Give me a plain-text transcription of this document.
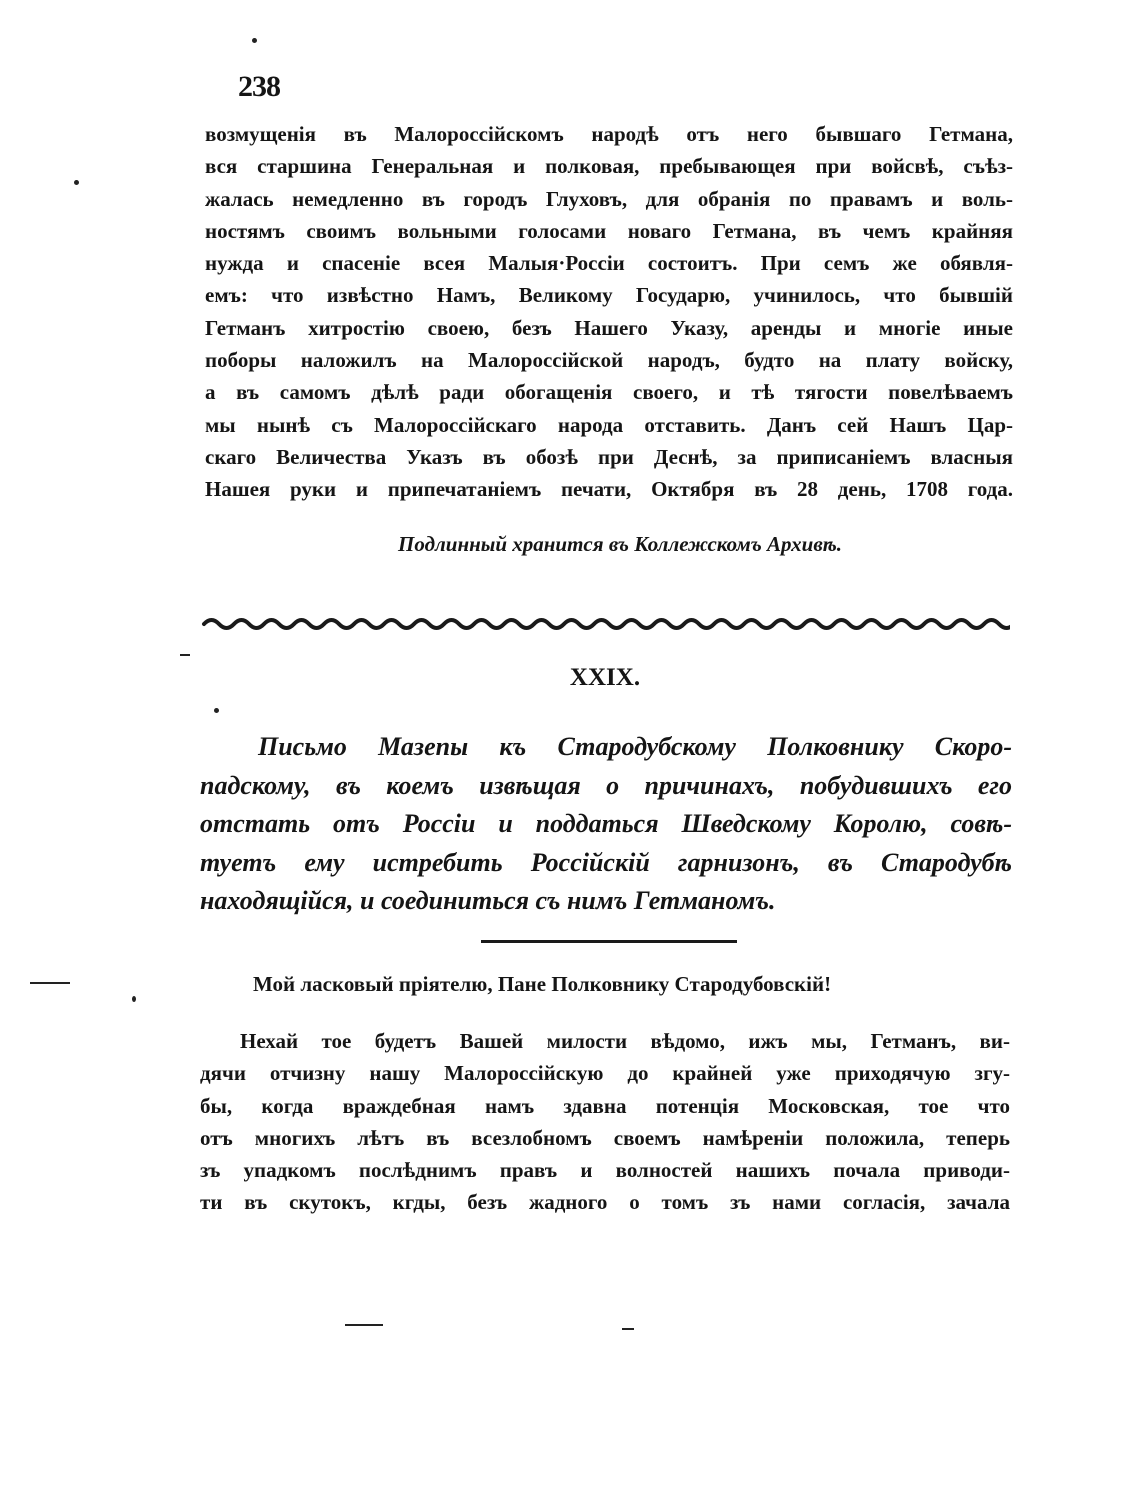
238
возмущенія въ Малороссійскомъ народѣ отъ него бывшаго Гетмана,
вся старшина Генеральная и полковая, пребывающея при войсвѣ, съѣз-
жалась немедленно въ городъ Глуховъ, для обранія по правамъ и воль-
ностямъ своимъ вольными голосами новаго Гетмана, въ чемъ крайняя
нужда и спасеніе всея Малыя·Россіи состоитъ. При семъ же обявля-
емъ: что извѣстно Намъ, Великому Государю, учинилось, что бывшій
Гетманъ хитростію своею, безъ Нашего Указу, аренды и многіе иные
поборы наложилъ на Малороссійской народъ, будто на плату войску,
а въ самомъ дѣлѣ ради обогащенія своего, и тѣ тягости повелѣваемъ
мы нынѣ съ Малороссійскаго народа отставить. Данъ сей Нашъ Цар-
скаго Величества Указъ въ обозѣ при Деснѣ, за приписаніемъ власныя
Нашея руки и припечатаніемъ печати, Октября въ 28 день, 1708 года.
Подлинный хранится въ Коллежскомъ Архивѣ.
XXIX.
Письмо Мазепы къ Стародубскому Полковнику Скоро-
падскому, въ коемъ извѣщая о причинахъ, побудившихъ его
отстать отъ Россіи и поддаться Шведскому Королю, совѣ-
туетъ ему истребить Россійскій гарнизонъ, въ Стародубѣ
находящійся, и соединиться съ нимъ Гетманомъ.
Мой ласковый пріятелю, Пане Полковнику Стародубовскій!
Нехай тое будетъ Вашей милости вѣдомо, ижъ мы, Гетманъ, ви-
дячи отчизну нашу Малороссійскую до крайней уже приходячую згу-
бы, когда враждебная намъ здавна потенція Московская, тое что
отъ многихъ лѣтъ въ всезлобномъ своемъ намѣреніи положила, теперь
зъ упадкомъ послѣднимъ правъ и волностей нашихъ почала приводи-
ти въ скутокъ, кгды, безъ жадного о томъ зъ нами согласія, зачала
